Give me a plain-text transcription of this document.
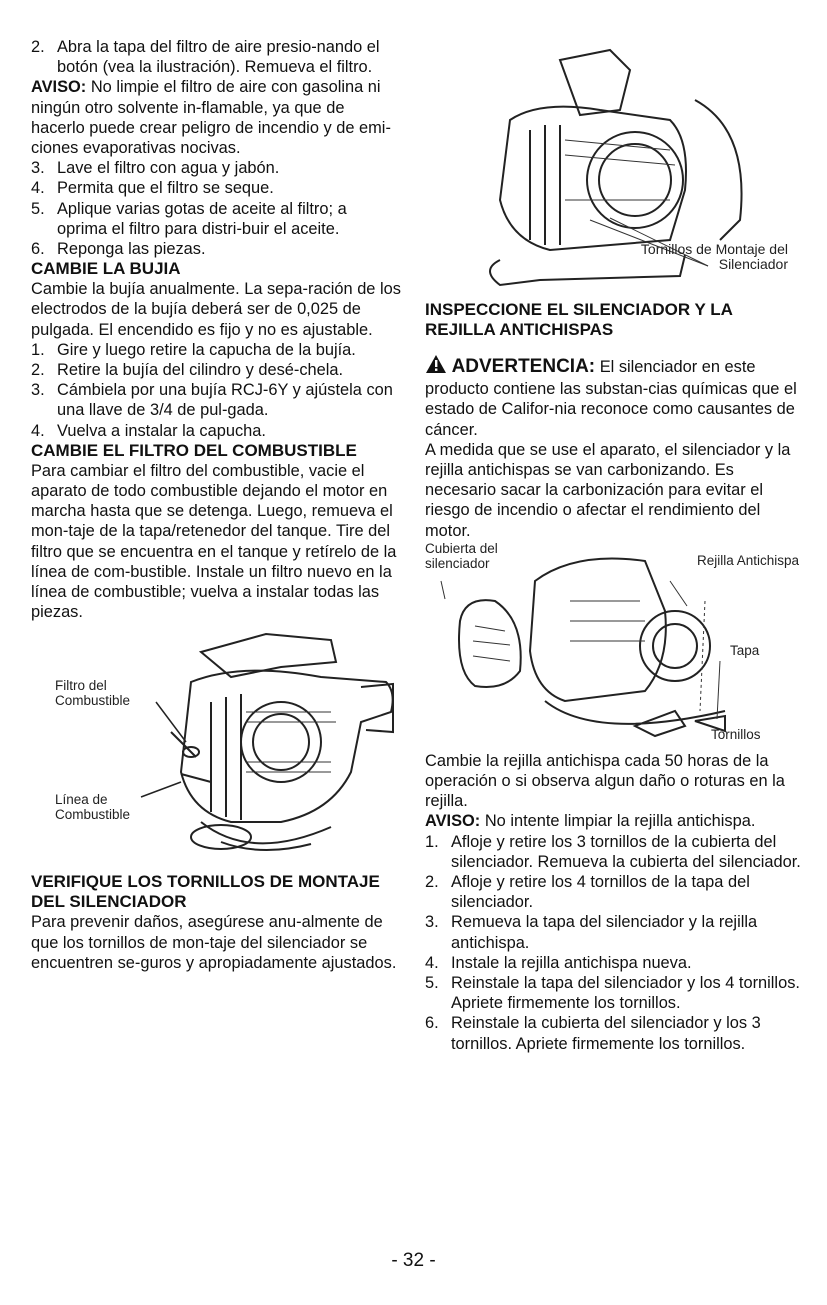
2. Abra la tapa del filtro de aire presio-nando el botón (vea la ilustración). Remueva el filtro.

AVISO: No limpie el filtro de aire con gasolina ni ningún otro solvente in-flamable, ya que de hacerlo puede crear peligro de incendio y de emi-ciones evaporativas nocivas.

3. Lave el filtro con agua y jabón.

4. Permita que el filtro se seque.

5. Aplique varias gotas de aceite al filtro; a oprima el filtro para distri-buir el aceite.

6. Reponga las piezas.

CAMBIE LA BUJIA

Cambie la bujía anualmente. La sepa-ración de los electrodos de la bujía deberá ser de 0,025 de pulgada. El encendido es fijo y no es ajustable.

1. Gire y luego retire la capucha de la bujía.

2. Retire la bujía del cilindro y desé-chela.

3. Cámbiela por una bujía RCJ-6Y y ajústela con una llave de 3/4 de pul-gada.

4. Vuelva a instalar la capucha.

CAMBIE EL FILTRO DEL COMBUSTIBLE

Para cambiar el filtro del combustible, vacie el aparato de todo combustible dejando el motor en marcha hasta que se detenga. Luego, remueva el mon-taje de la tapa/retenedor del tanque. Tire del filtro que se encuentra en el tanque y retírelo de la línea de com-bustible. Instale un filtro nuevo en la línea de combustible; vuelva a instalar todas las piezas.

Filtro del Combustible
Línea de Combustible

VERIFIQUE LOS TORNILLOS DE MONTAJE DEL SILENCIADOR

Para prevenir daños, asegúrese anu-almente de que los tornillos de mon-taje del silenciador se encuentren se-guros y apropiadamente ajustados.

Tornillos de Montaje del Silenciador

INSPECCIONE EL SILENCIADOR Y LA REJILLA ANTICHISPAS

ADVERTENCIA: El silenciador en este producto contiene las substan-cias químicas que el estado de Califor-nia reconoce como causantes de cáncer.

A medida que se use el aparato, el silenciador y la rejilla antichispas se van carbonizando. Es necesario sacar la carbonización para evitar el riesgo de incendio o afectar el rendimiento del motor.

Cubierta del silenciador	Rejilla Antichispa
Tapa
Tornillos

Cambie la rejilla antichispa cada 50 horas de la operación o si observa algun daño o roturas en la rejilla.

AVISO: No intente limpiar la rejilla antichispa.

1. Afloje y retire los 3 tornillos de la cubierta del silenciador. Remueva la cubierta del silenciador.

2. Afloje y retire los 4 tornillos de la tapa del silenciador.

3. Remueva la tapa del silenciador y la rejilla antichispa.

4. Instale la rejilla antichispa nueva.

5. Reinstale la tapa del silenciador y los 4 tornillos. Apriete firmemente los tornillos.

6. Reinstale la cubierta del silenciador y los 3 tornillos. Apriete firmemente los tornillos.

- 32 -
